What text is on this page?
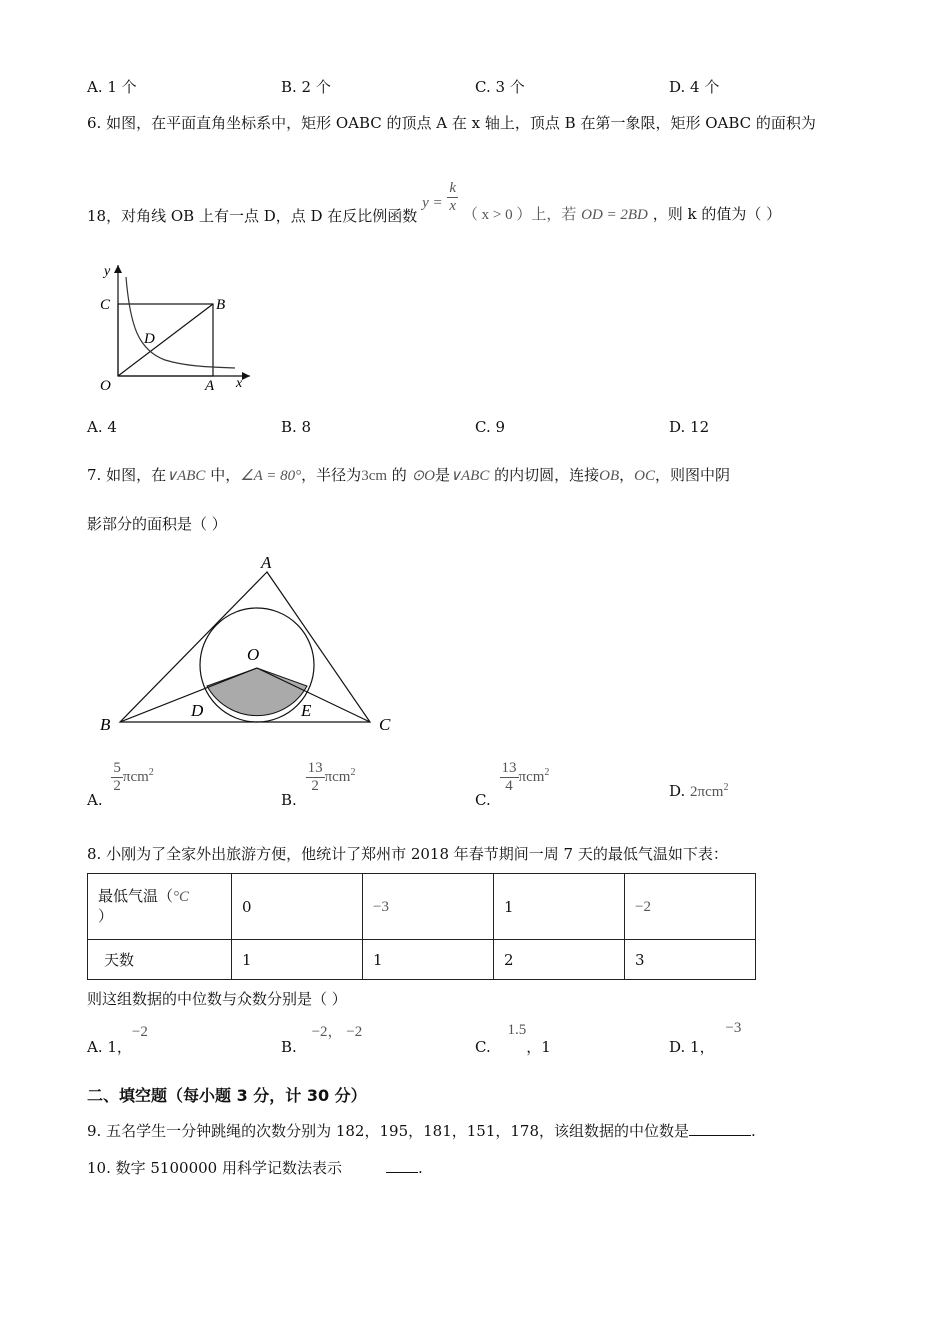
A. 1 个	B. 2 个	C. 3 个	D. 4 个
6. 如图，在平面直角坐标系中，矩形 OABC 的顶点 A 在 x 轴上，顶点 B 在第一象限，矩形 OABC 的面积为
18，对角线 OB 上有一点 D，点 D 在反比例函数 $y = \frac{k}{x}$
（ x > 0 ）上，若 OD = 2BD ，则 k 的值为（ ）
y
x
C	B
D
O	A
A. 4	B. 8	C. 9	D. 12
7. 如图，在∨ABC 中，∠A = 80°，半径为3cm 的 ⊙O是∨ABC 的内切圆，连接OB，OC，则图中阴
影部分的面积是（ ）
A
O
B	C
D	E
A.
$\frac{5}{2} \pi cm^2$
B.
$\frac{13}{2} \pi cm^2$
C.
$\frac{13}{4} \pi cm^2$
D. 2πcm$^2$
8. 小刚为了全家外出旅游方便，他统计了郑州市 2018 年春节期间一周 7 天的最低气温如下表：
最低气温（°C
）	0	−3	1	−2
天数	1	1	2	3
则这组数据的中位数与众数分别是（ ）
A. 1，−2
B. −2， −2
C. 1.5，1	D. 1， −3
二、填空题（每小题 3 分，计 30 分）
9. 五名学生一分钟跳绳的次数分别为 182，195，181，151，178，该组数据的中位数是	.
10. 数字 5100000 用科学记数法表示	.
